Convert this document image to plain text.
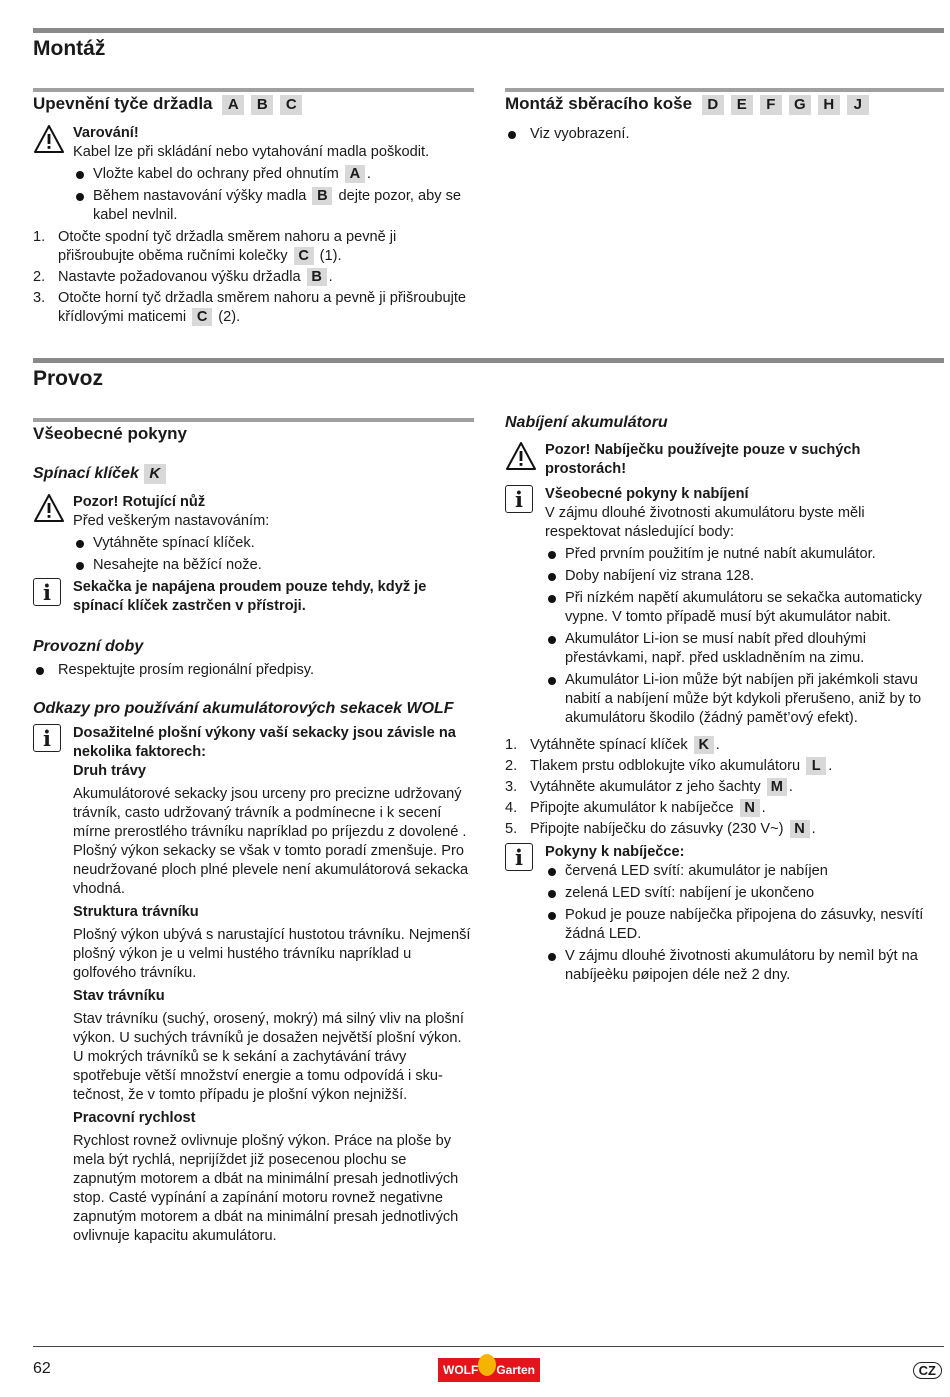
Montáž
Upevnění tyče držadla A B C
Varování!
Kabel lze při skládání nebo vytahování madla poškodit.
Vložte kabel do ochrany před ohnutím A .
Během nastavování výšky madla B dejte pozor, aby se kabel nevlnil.
1. Otočte spodní tyč držadla směrem nahoru a pevně ji přišroubujte oběma ručními kolečky C (1).
2. Nastavte požadovanou výšku držadla B .
3. Otočte horní tyč držadla směrem nahoru a pevně ji přišroubujte křídlovými maticemi C (2).
Montáž sběracího koše D E F G H J
Viz vyobrazení.
Provoz
Všeobecné pokyny
Spínací klíček K
Pozor! Rotující nůž
Před veškerým nastavováním:
Vytáhněte spínací klíček.
Nesahejte na běžící nože.
i	Sekačka je napájena proudem pouze tehdy, když je spínací klíček zastrčen v přístroji.
Provozní doby
Respektujte prosím regionální předpisy.
Odkazy pro používání akumulátorových sekacek WOLF
i	Dosažitelné plošní výkony vaší sekacky jsou závisle na nekolika faktorech:
Druh trávy
Akumulátorové sekacky jsou urceny pro precizne udržovaný trávník, casto udržovaný trávník a podmínecne i k secení mírne prerostlého trávníku napríklad po príjezdu z dovolené . Plošný výkon sekacky se však v tomto poradí zmenšuje. Pro neudržované ploch plné plevele není akumulátorová sekacka vhodná.
Struktura trávníku
Plošný výkon ubývá s narustající hustotou trávníku. Nejmenší plošný výkon je u velmi hustého trávníku napríklad u golfového trávníku.
Stav trávníku
Stav trávníku (suchý, orosený, mokrý) má silný vliv na plošní výkon. U suchých trávníků je dosažen největší plošní výkon. U mokrých trávníků se k sekání a zachytávání trávy spotřebuje větší množství energie a tomu odpovídá i sku-tečnost, že v tomto případu je plošní výkon nejnižší.
Pracovní rychlost
Rychlost rovnež ovlivnuje plošný výkon. Práce na ploše by mela být rychlá, neprijíždet již posecenou plochu se zapnutým motorem a dbát na minimální presah jednotlivých stop. Casté vypínání a zapínání motoru rovnež negativne zapnutým motorem a dbát na minimální presah jednotlivých ovlivnuje kapacitu akumulátoru.
Nabíjení akumulátoru
Pozor! Nabíječku používejte pouze v suchých prostorách!
i	Všeobecné pokyny k nabíjení
V zájmu dlouhé životnosti akumulátoru byste měli respektovat následující body:
Před prvním použitím je nutné nabít akumulátor.
Doby nabíjení viz strana 128.
Při nízkém napětí akumulátoru se sekačka automaticky vypne. V tomto případě musí být akumulátor nabit.
Akumulátor Li-ion se musí nabít před dlouhými přestávkami, např. před uskladněním na zimu.
Akumulátor Li-ion může být nabíjen při jakémkoli stavu nabití a nabíjení může být kdykoli přerušeno, aniž by to akumulátoru škodilo (žádný pamět’ový efekt).
1. Vytáhněte spínací klíček K .
2. Tlakem prstu odblokujte víko akumulátoru L .
3. Vytáhněte akumulátor z jeho šachty M .
4. Připojte akumulátor k nabíječce N .
5. Připojte nabíječku do zásuvky (230 V~) N .
i	Pokyny k nabíječce:
červená LED svítí: akumulátor je nabíjen
zelená LED svítí: nabíjení je ukončeno
Pokud je pouze nabíječka připojena do zásuvky, nesvítí žádná LED.
V zájmu dlouhé životnosti akumulátoru by nemìl být na nabíjeèku pøipojen déle než 2 dny.
62	WOLF Garten	CZ
